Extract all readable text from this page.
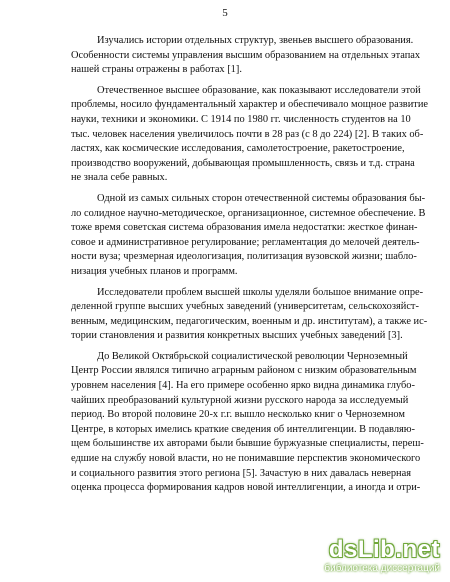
5

Изучались истории отдельных структур, звеньев высшего образования.
Особенности системы управления высшим образованием на отдельных этапах
нашей страны отражены в работах [1].

Отечественное высшее образование, как показывают исследователи этой
проблемы, носило фундаментальный характер и обеспечивало мощное развитие
науки, техники и экономики. С 1914 по 1980 гг. численность студентов на 10
тыс. человек населения увеличилось почти в 28 раз (с 8 до 224) [2]. В таких об-
ластях, как космические исследования, самолетостроение, ракетостроение,
производство вооружений, добывающая промышленность, связь и т.д. страна
не знала себе равных.

Одной из самых сильных сторон отечественной системы образования бы-
ло солидное научно-методическое, организационное, системное обеспечение. В
тоже время советская система образования имела недостатки: жесткое финан-
совое и административное регулирование; регламентация до мелочей деятель-
ности вуза; чрезмерная идеологизация, политизация вузовской жизни; шабло-
низация учебных планов и программ.

Исследователи проблем высшей школы уделяли большое внимание опре-
деленной группе высших учебных заведений (университетам, сельскохозяйст-
венным, медицинским, педагогическим, военным и др. институтам), а также ис-
тории становления и развития конкретных высших учебных заведений [3].

До Великой Октябрьской социалистической революции Черноземный
Центр России являлся типично аграрным районом с низким образовательным
уровнем населения [4]. На его примере особенно ярко видна динамика глубо-
чайших преобразований культурной жизни русского народа за исследуемый
период. Во второй половине 20-х г.г. вышло несколько книг о Черноземном
Центре, в которых имелись краткие сведения об интеллигенции. В подавляю-
щем большинстве их авторами были бывшие буржуазные специалисты, переш-
едшие на службу новой власти, но не понимавшие перспектив экономического
и социального развития этого региона [5]. Зачастую в них давалась неверная
оценка процесса формирования кадров новой интеллигенции, а иногда и отри-

dsLib.net
библиотека диссертаций
